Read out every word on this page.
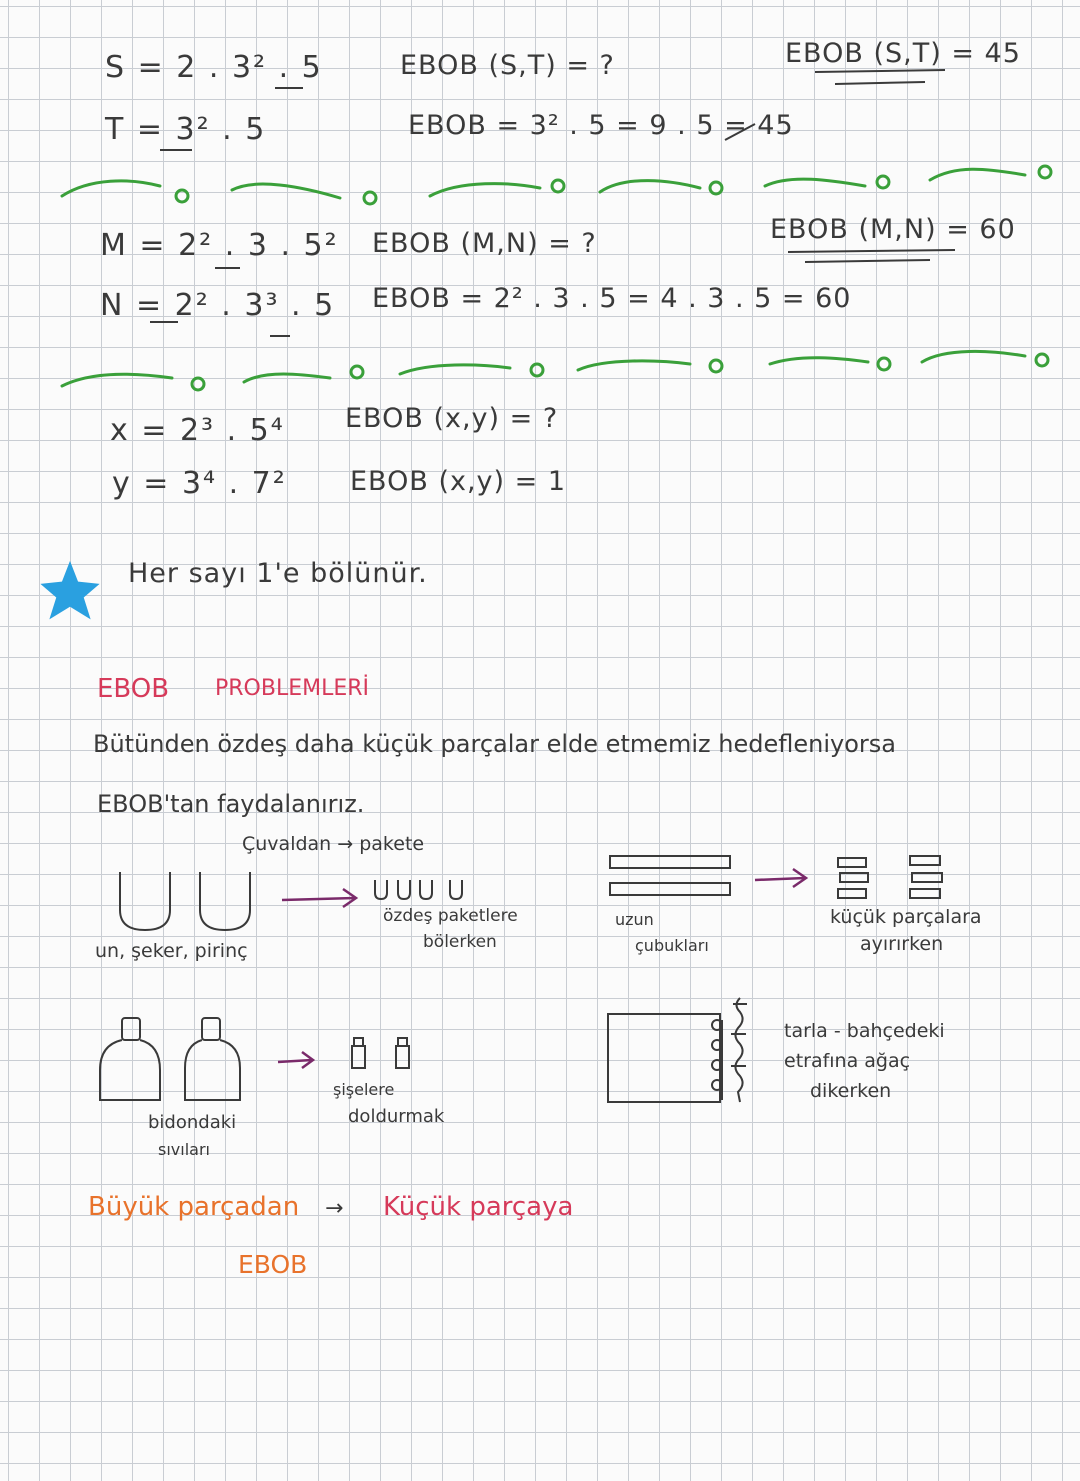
S = 2 . 3² . 5
T = 3² . 5
EBOB (S,T) = ?
EBOB = 3² . 5 = 9 . 5 = 45
EBOB (S,T) = 45
M = 2² . 3 . 5²
N = 2² . 3³ . 5
EBOB (M,N) = ?
EBOB = 2² . 3 . 5 = 4 . 3 . 5 = 60
EBOB (M,N) = 60
x = 2³ . 5⁴
y = 3⁴ . 7²
EBOB (x,y) = ?
EBOB (x,y) = 1
Her sayı 1'e bölünür.
EBOB PROBLEMLERİ
Bütünden özdeş daha küçük parçalar elde etmemiz hedefleniyorsa
EBOB'tan faydalanırız.
Çuvaldan → pakete
un, şeker, pirinç
özdeş paketlere
bölerken
uzun
çubukları
küçük parçalara
ayırırken
bidondaki
sıvıları
şişelere
doldurmak
tarla - bahçedeki
etrafına ağaç
dikerken
Büyük parçadan → Küçük parçaya
EBOB
